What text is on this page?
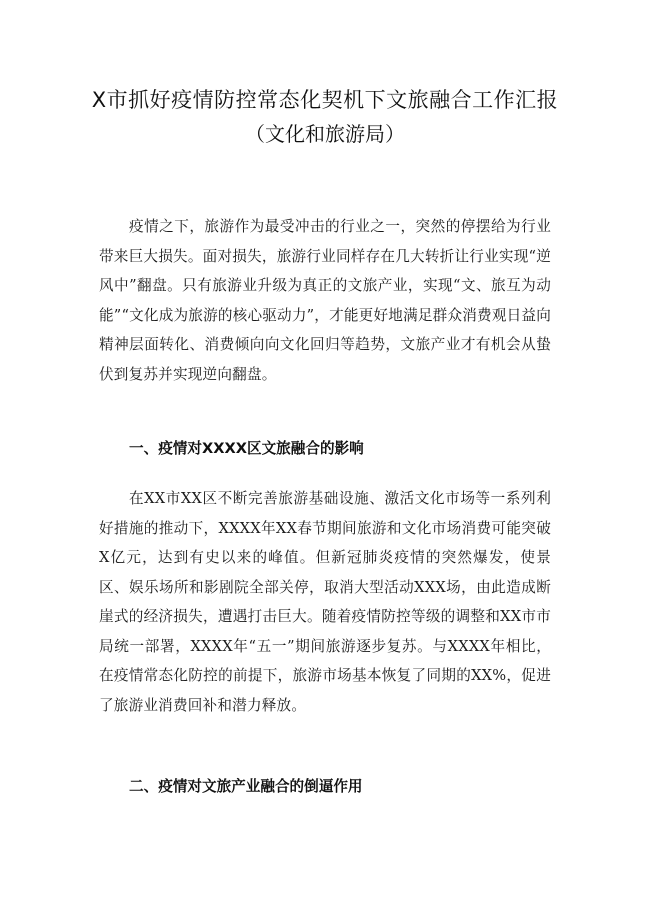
X市抓好疫情防控常态化契机下文旅融合工作汇报
（文化和旅游局）

疫情之下，旅游作为最受冲击的行业之一，突然的停摆给为行业带来巨大损失。面对损失，旅游行业同样存在几大转折让行业实现“逆风中”翻盘。只有旅游业升级为真正的文旅产业，实现“文、旅互为动能”“文化成为旅游的核心驱动力”，才能更好地满足群众消费观日益向精神层面转化、消费倾向向文化回归等趋势，文旅产业才有机会从蛰伏到复苏并实现逆向翻盘。

一、疫情对XXXX区文旅融合的影响

在XX市XX区不断完善旅游基础设施、激活文化市场等一系列利好措施的推动下，XXXX年XX春节期间旅游和文化市场消费可能突破X亿元，达到有史以来的峰值。但新冠肺炎疫情的突然爆发，使景区、娱乐场所和影剧院全部关停，取消大型活动XXX场，由此造成断崖式的经济损失，遭遇打击巨大。随着疫情防控等级的调整和XX市市局统一部署，XXXX年“五一”期间旅游逐步复苏。与XXXX年相比，在疫情常态化防控的前提下，旅游市场基本恢复了同期的XX%，促进了旅游业消费回补和潜力释放。

二、疫情对文旅产业融合的倒逼作用
